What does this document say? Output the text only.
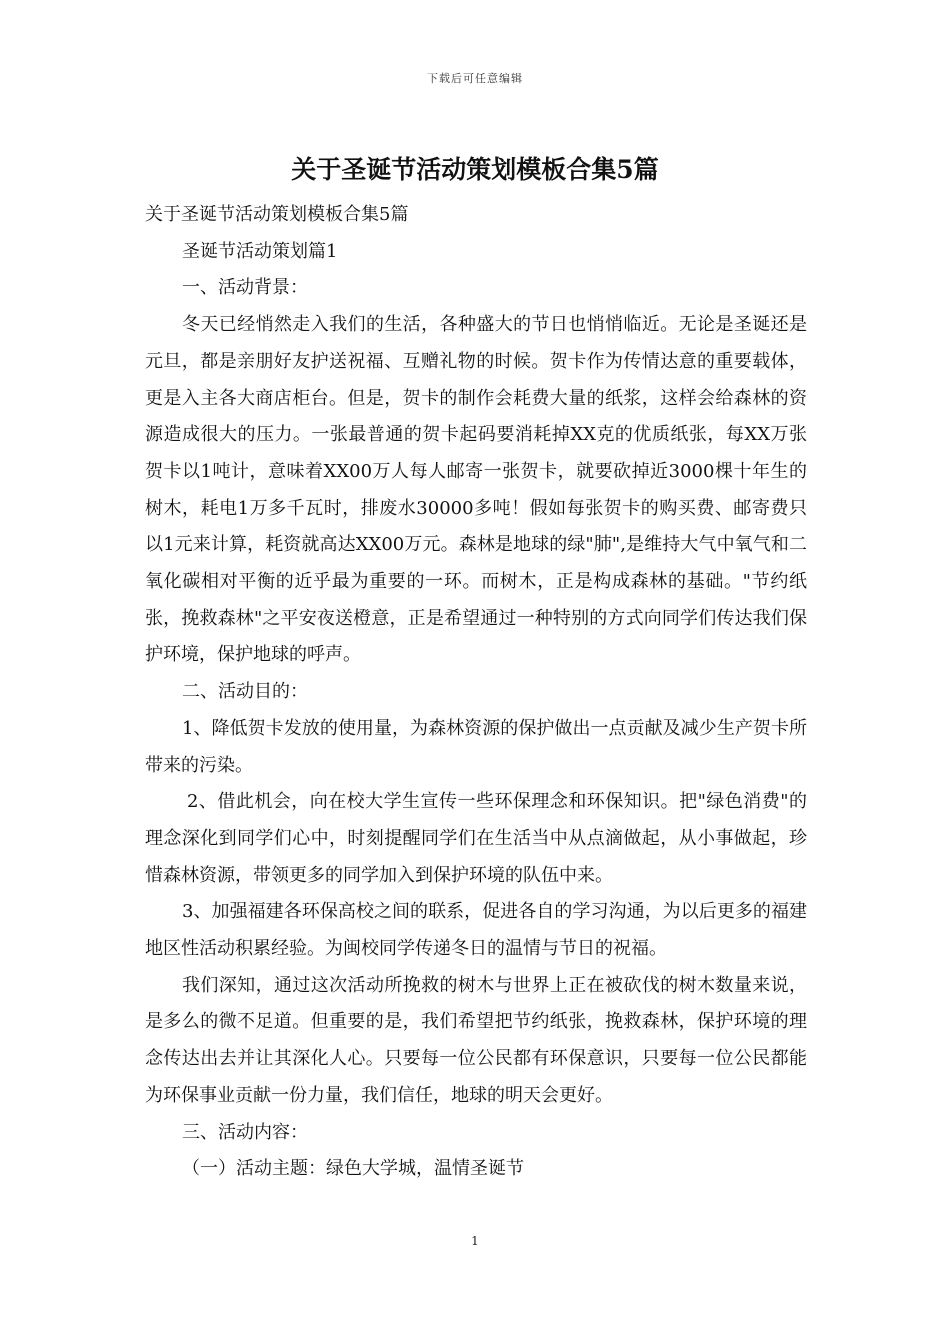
下载后可任意编辑
关于圣诞节活动策划模板合集5篇

关于圣诞节活动策划模板合集5篇

圣诞节活动策划篇1

一、活动背景：

冬天已经悄然走入我们的生活，各种盛大的节日也悄悄临近。无论是圣诞还是元旦，都是亲朋好友护送祝福、互赠礼物的时候。贺卡作为传情达意的重要载体，更是入主各大商店柜台。但是，贺卡的制作会耗费大量的纸浆，这样会给森林的资源造成很大的压力。一张最普通的贺卡起码要消耗掉XX克的优质纸张，每XX万张贺卡以1吨计，意味着XX00万人每人邮寄一张贺卡，就要砍掉近3000棵十年生的树木，耗电1万多千瓦时，排废水30000多吨！假如每张贺卡的购买费、邮寄费只以1元来计算，耗资就高达XX00万元。森林是地球的绿"肺",是维持大气中氧气和二氧化碳相对平衡的近乎最为重要的一环。而树木，正是构成森林的基础。"节约纸张，挽救森林"之平安夜送橙意，正是希望通过一种特别的方式向同学们传达我们保护环境，保护地球的呼声。

二、活动目的：

1、降低贺卡发放的使用量，为森林资源的保护做出一点贡献及减少生产贺卡所带来的污染。

2、借此机会，向在校大学生宣传一些环保理念和环保知识。把"绿色消费"的理念深化到同学们心中，时刻提醒同学们在生活当中从点滴做起，从小事做起，珍惜森林资源，带领更多的同学加入到保护环境的队伍中来。

3、加强福建各环保高校之间的联系，促进各自的学习沟通，为以后更多的福建地区性活动积累经验。为闽校同学传递冬日的温情与节日的祝福。

我们深知，通过这次活动所挽救的树木与世界上正在被砍伐的树木数量来说，是多么的微不足道。但重要的是，我们希望把节约纸张，挽救森林，保护环境的理念传达出去并让其深化人心。只要每一位公民都有环保意识，只要每一位公民都能为环保事业贡献一份力量，我们信任，地球的明天会更好。

三、活动内容：

（一）活动主题：绿色大学城，温情圣诞节

1
